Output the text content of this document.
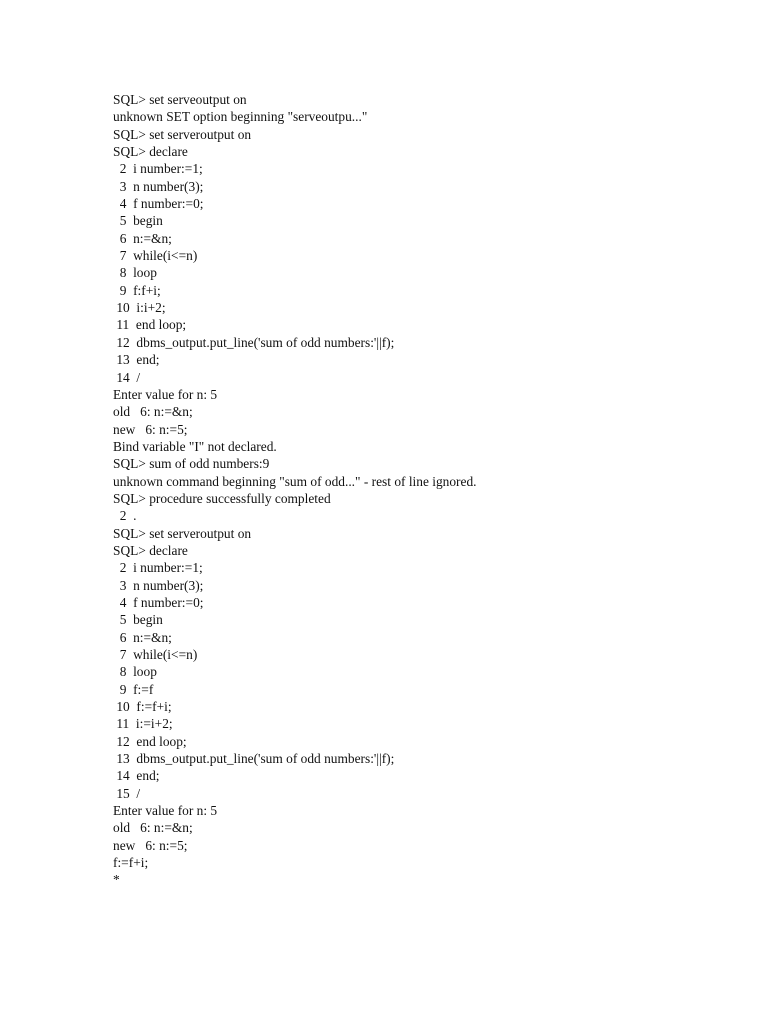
SQL> set serveoutput on
unknown SET option beginning "serveoutpu..."
SQL> set serveroutput on
SQL> declare
2  i number:=1;
3  n number(3);
4  f number:=0;
5  begin
6  n:=&n;
7  while(i<=n)
8  loop
9  f:f+i;
10  i:i+2;
11  end loop;
12  dbms_output.put_line('sum of odd numbers:'||f);
13  end;
14  /
Enter value for n: 5
old   6: n:=&n;
new   6: n:=5;
Bind variable "I" not declared.
SQL> sum of odd numbers:9
unknown command beginning "sum of odd..." - rest of line ignored.
SQL> procedure successfully completed
2  .
SQL> set serveroutput on
SQL> declare
2  i number:=1;
3  n number(3);
4  f number:=0;
5  begin
6  n:=&n;
7  while(i<=n)
8  loop
9  f:=f
10  f:=f+i;
11  i:=i+2;
12  end loop;
13  dbms_output.put_line('sum of odd numbers:'||f);
14  end;
15  /
Enter value for n: 5
old   6: n:=&n;
new   6: n:=5;
f:=f+i;
*
